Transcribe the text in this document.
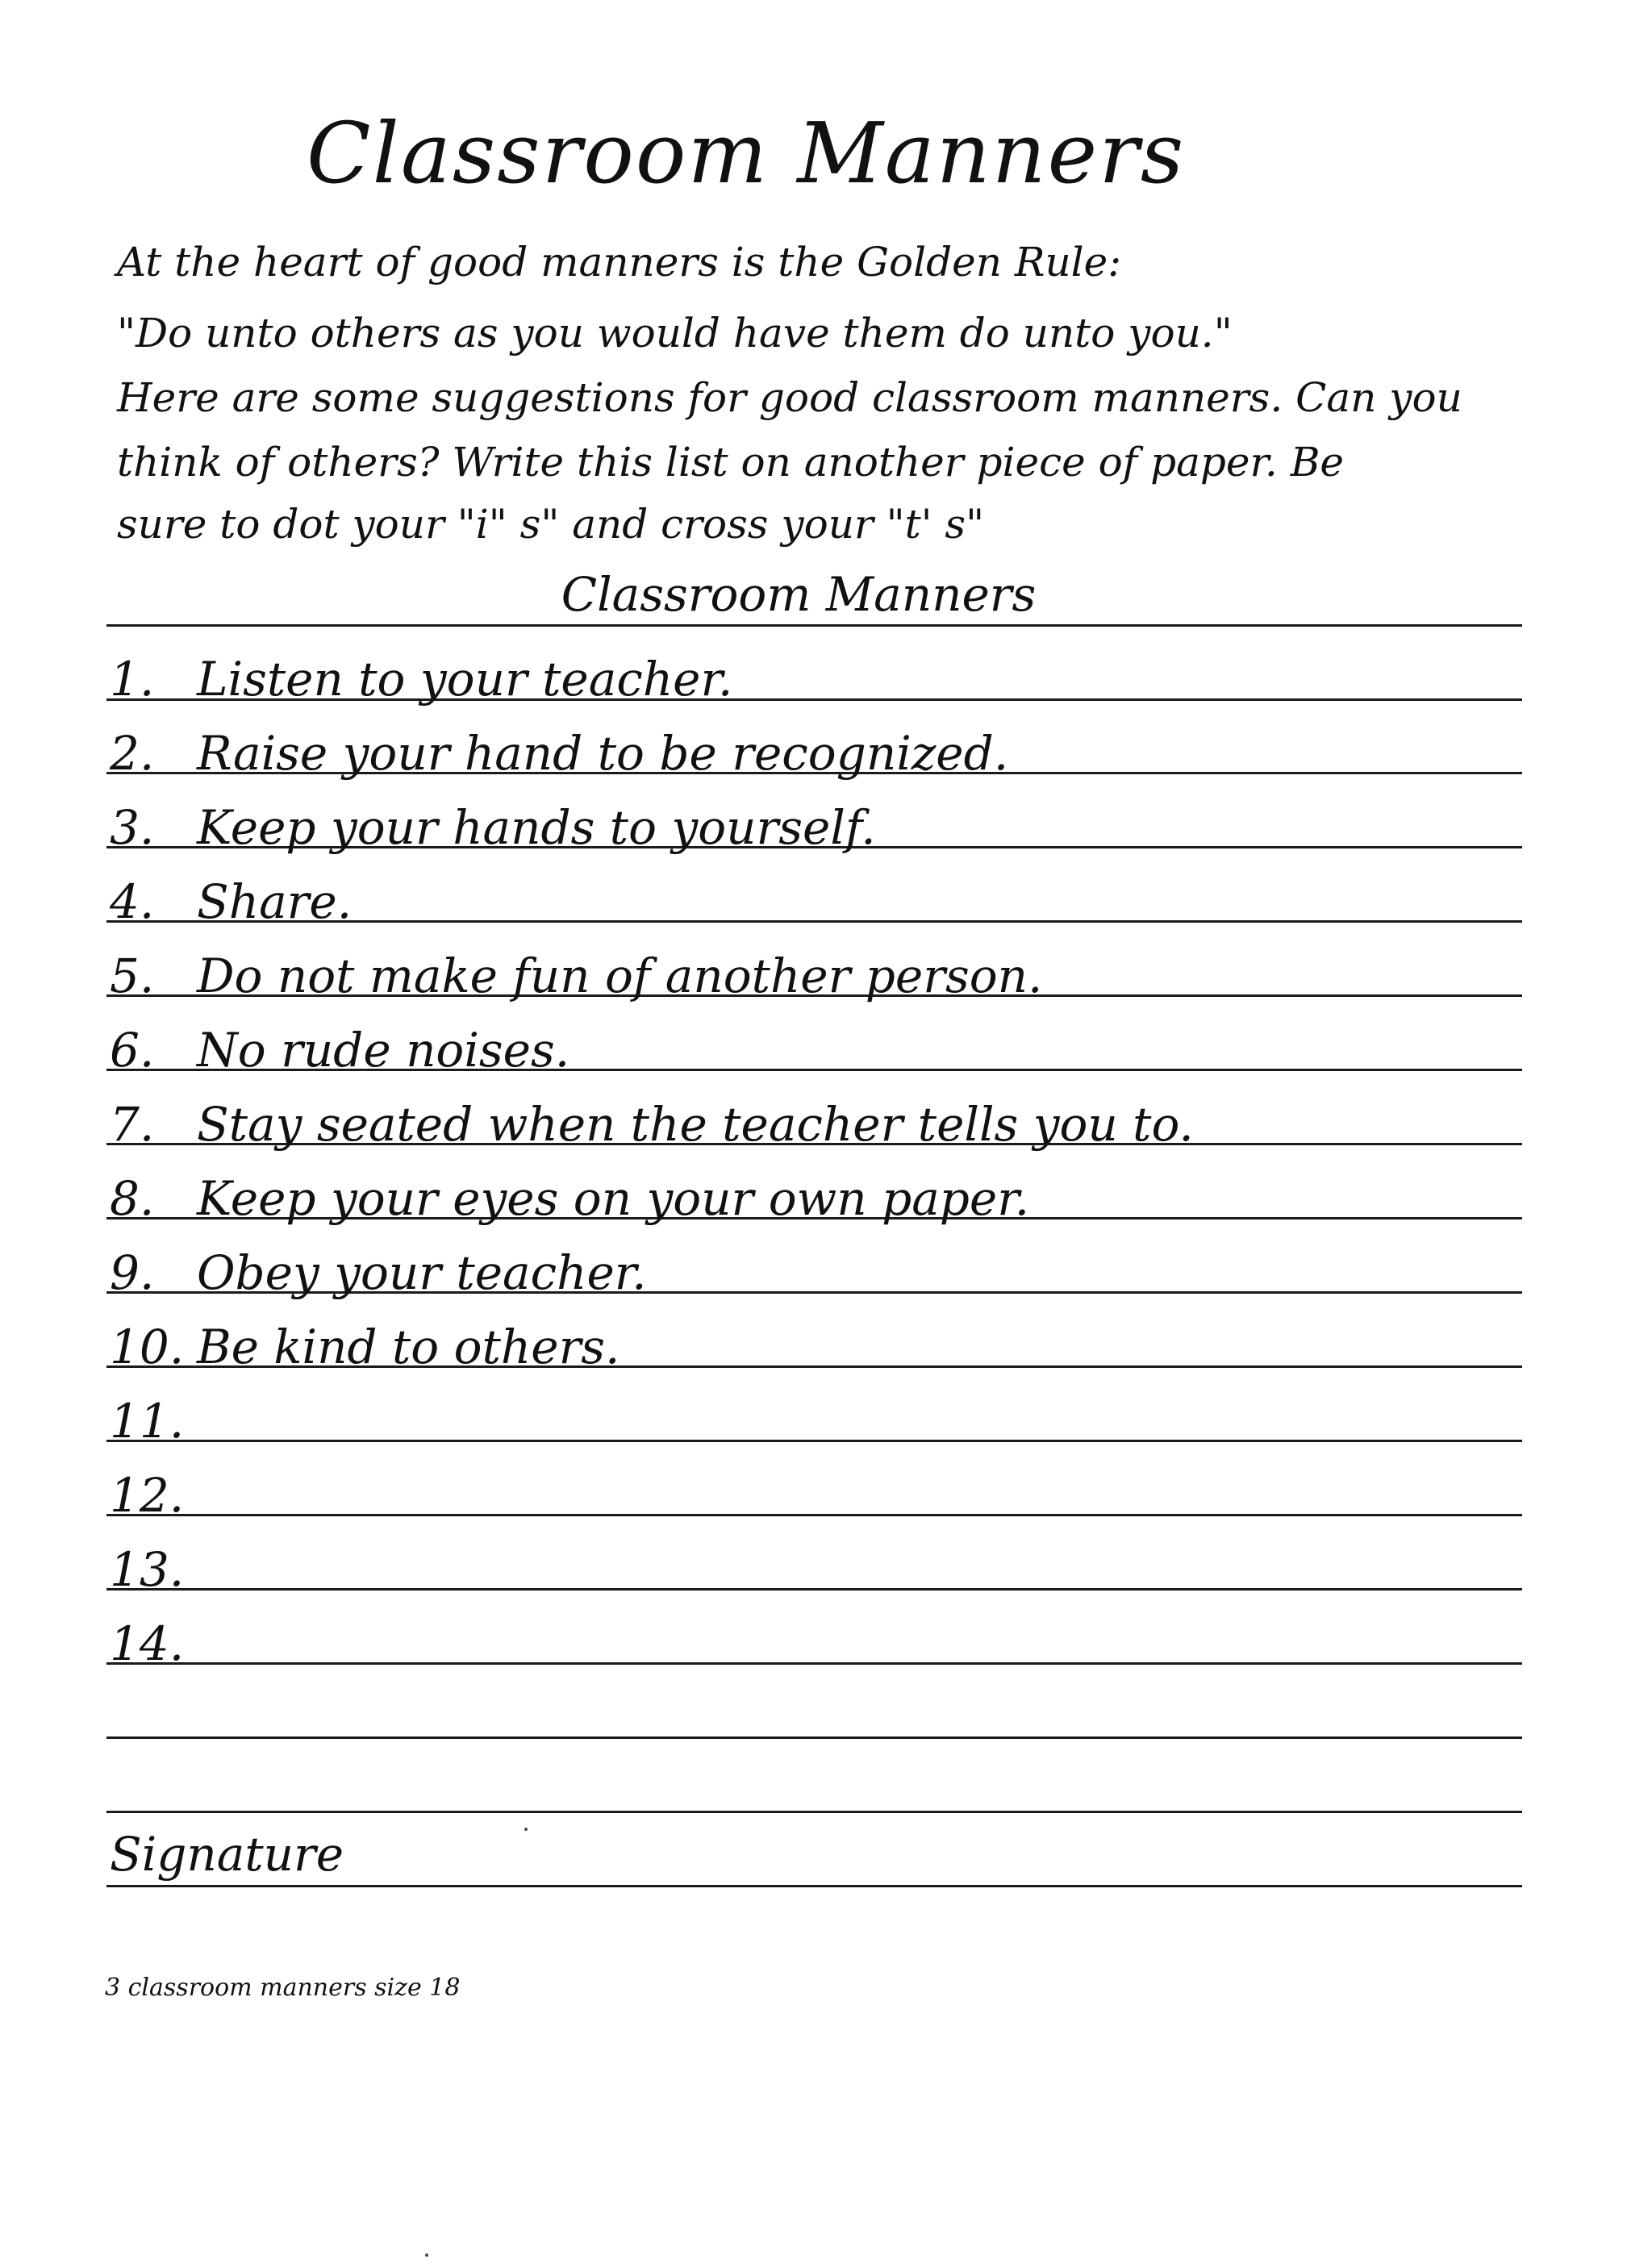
Classroom Manners
At the heart of good manners is the Golden Rule:
"Do unto others as you would have them do unto you."
Here are some suggestions for good classroom manners. Can you
think of others? Write this list on another piece of paper. Be
sure to dot your "i" s" and cross your "t' s"
Classroom Manners
1. Listen to your teacher.
2. Raise your hand to be recognized.
3. Keep your hands to yourself.
4. Share.
5. Do not make fun of another person.
6. No rude noises.
7. Stay seated when the teacher tells you to.
8. Keep your eyes on your own paper.
9. Obey your teacher.
10. Be kind to others.
11.
12.
13.
14.
Signature
3 classroom manners size 18
